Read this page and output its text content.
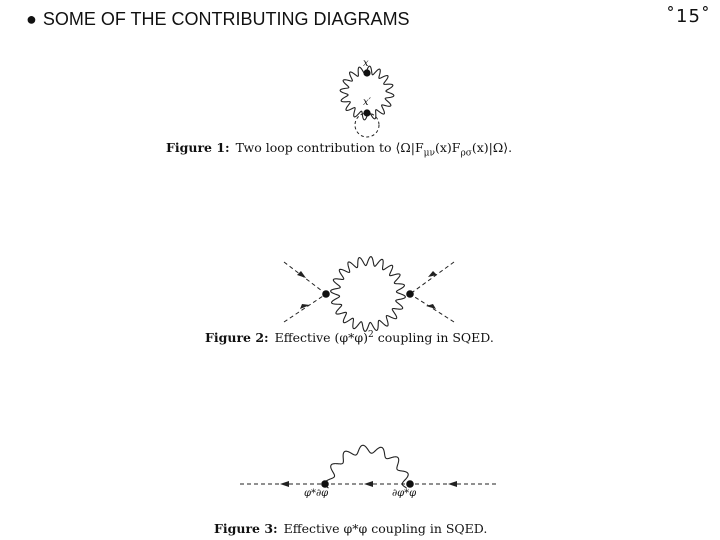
● SOME OF THE CONTRIBUTING DIAGRAMS	˚15˚
x
x′
Figure 1: Two loop contribution to $⟨\Omega|F_{\mu\nu}(x)F_{\rho\sigma}(x)|\Omega⟩$.
Figure 2: Effective $(\varphi*\varphi)^2$ coupling in SQED.
φ*∂φ	∂φ*φ
Figure 3: Effective φ*φ coupling in SQED.
